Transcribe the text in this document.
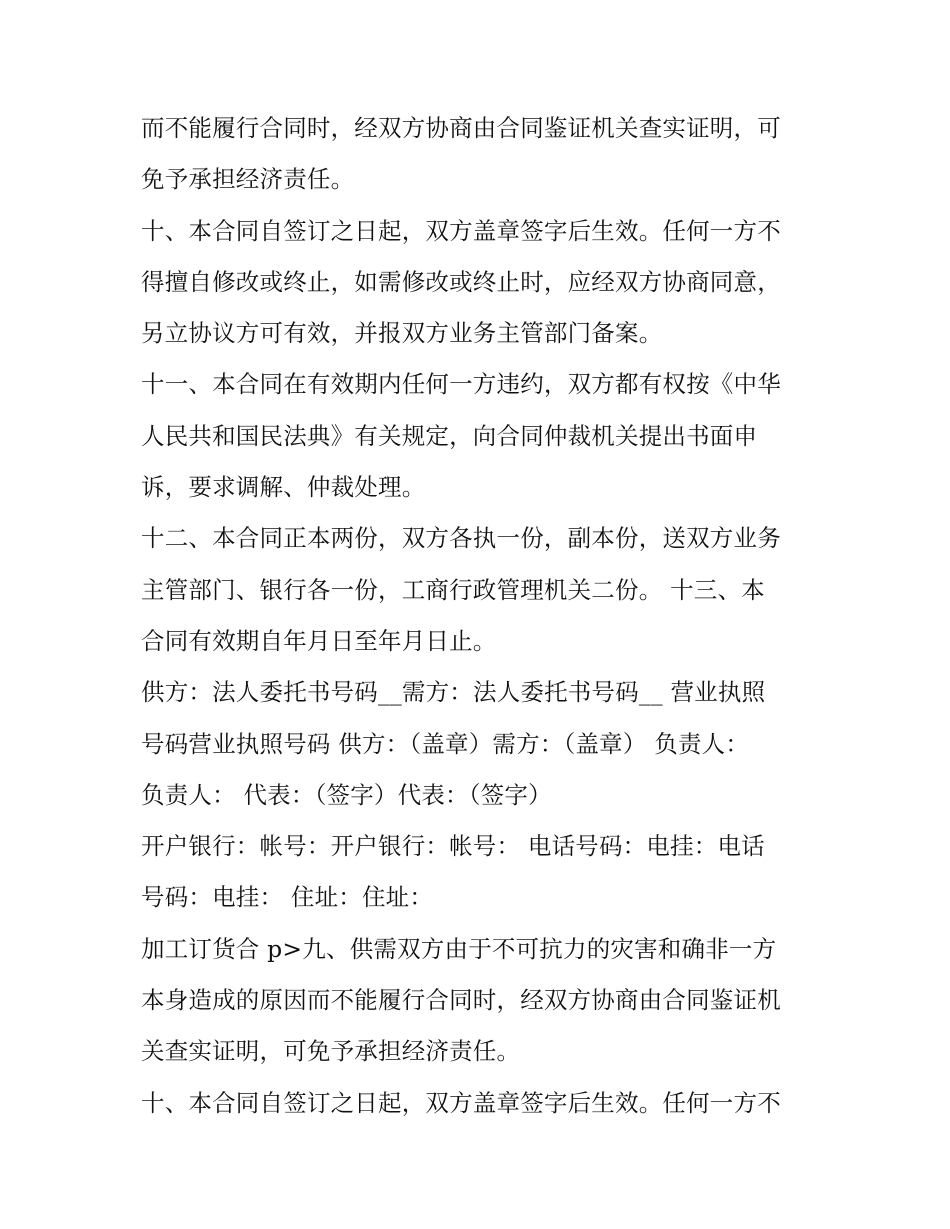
而不能履行合同时，经双方协商由合同鉴证机关查实证明，可
免予承担经济责任。
十、本合同自签订之日起，双方盖章签字后生效。任何一方不
得擅自修改或终止，如需修改或终止时，应经双方协商同意，
另立协议方可有效，并报双方业务主管部门备案。
十一、本合同在有效期内任何一方违约，双方都有权按《中华
人民共和国民法典》有关规定，向合同仲裁机关提出书面申
诉，要求调解、仲裁处理。
十二、本合同正本两份，双方各执一份，副本份，送双方业务
主管部门、银行各一份，工商行政管理机关二份。 十三、本
合同有效期自年月日至年月日止。
供方：法人委托书号码__需方：法人委托书号码__ 营业执照
号码营业执照号码 供方：（盖章）需方：（盖章） 负责人：
负责人： 代表：（签字）代表：（签字）
开户银行：帐号：开户银行：帐号： 电话号码：电挂：电话
号码：电挂： 住址：住址：
加工订货合 p>九、供需双方由于不可抗力的灾害和确非一方
本身造成的原因而不能履行合同时，经双方协商由合同鉴证机
关查实证明，可免予承担经济责任。
十、本合同自签订之日起，双方盖章签字后生效。任何一方不
